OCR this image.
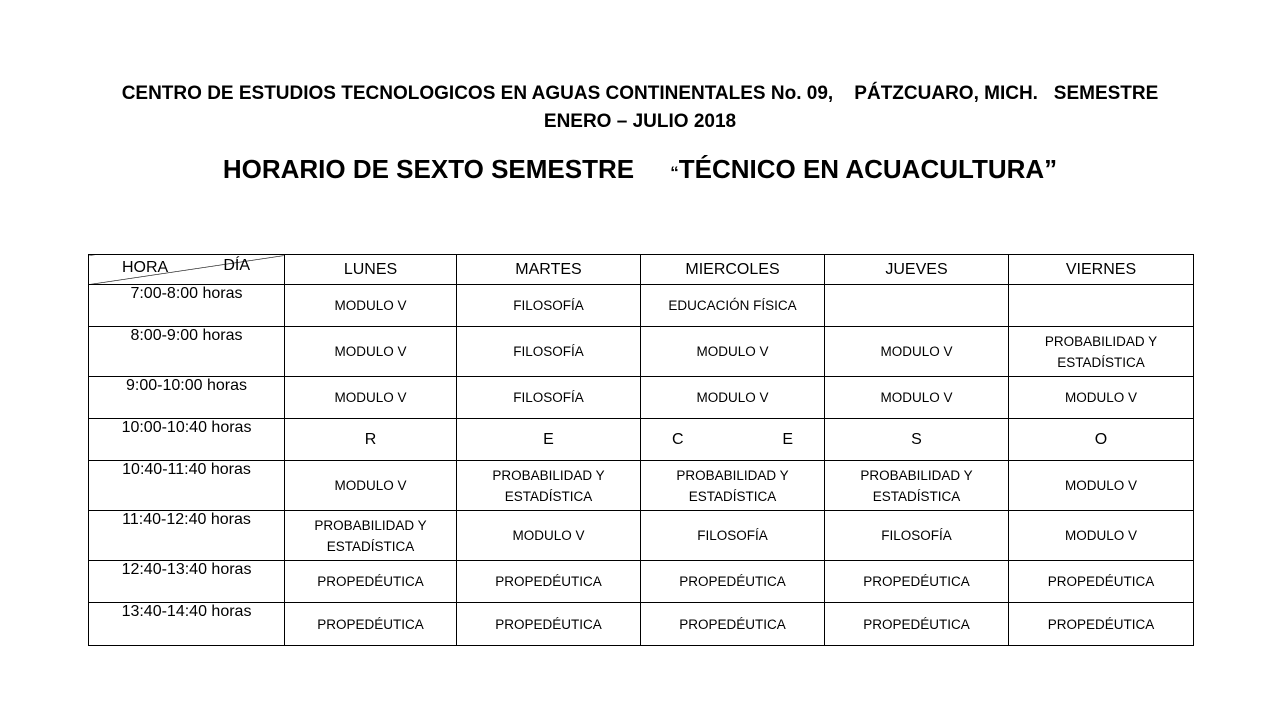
CENTRO DE ESTUDIOS TECNOLOGICOS EN AGUAS CONTINENTALES No. 09,    PÁTZCUARO, MICH.   SEMESTRE
ENERO – JULIO 2018

HORARIO DE SEXTO SEMESTRE “TÉCNICO EN ACUACULTURA”

HORA DÍA	LUNES	MARTES	MIERCOLES	JUEVES	VIERNES
7:00-8:00 horas	MODULO V	FILOSOFÍA	EDUCACIÓN FÍSICA		
8:00-9:00 horas	MODULO V	FILOSOFÍA	MODULO V	MODULO V	PROBABILIDAD Y ESTADÍSTICA
9:00-10:00 horas	MODULO V	FILOSOFÍA	MODULO V	MODULO V	MODULO V
10:00-10:40 horas	R	E	C E	S	O
10:40-11:40 horas	MODULO V	PROBABILIDAD Y ESTADÍSTICA	PROBABILIDAD Y ESTADÍSTICA	PROBABILIDAD Y ESTADÍSTICA	MODULO V
11:40-12:40 horas	PROBABILIDAD Y ESTADÍSTICA	MODULO V	FILOSOFÍA	FILOSOFÍA	MODULO V
12:40-13:40 horas	PROPEDÉUTICA	PROPEDÉUTICA	PROPEDÉUTICA	PROPEDÉUTICA	PROPEDÉUTICA
13:40-14:40 horas	PROPEDÉUTICA	PROPEDÉUTICA	PROPEDÉUTICA	PROPEDÉUTICA	PROPEDÉUTICA
